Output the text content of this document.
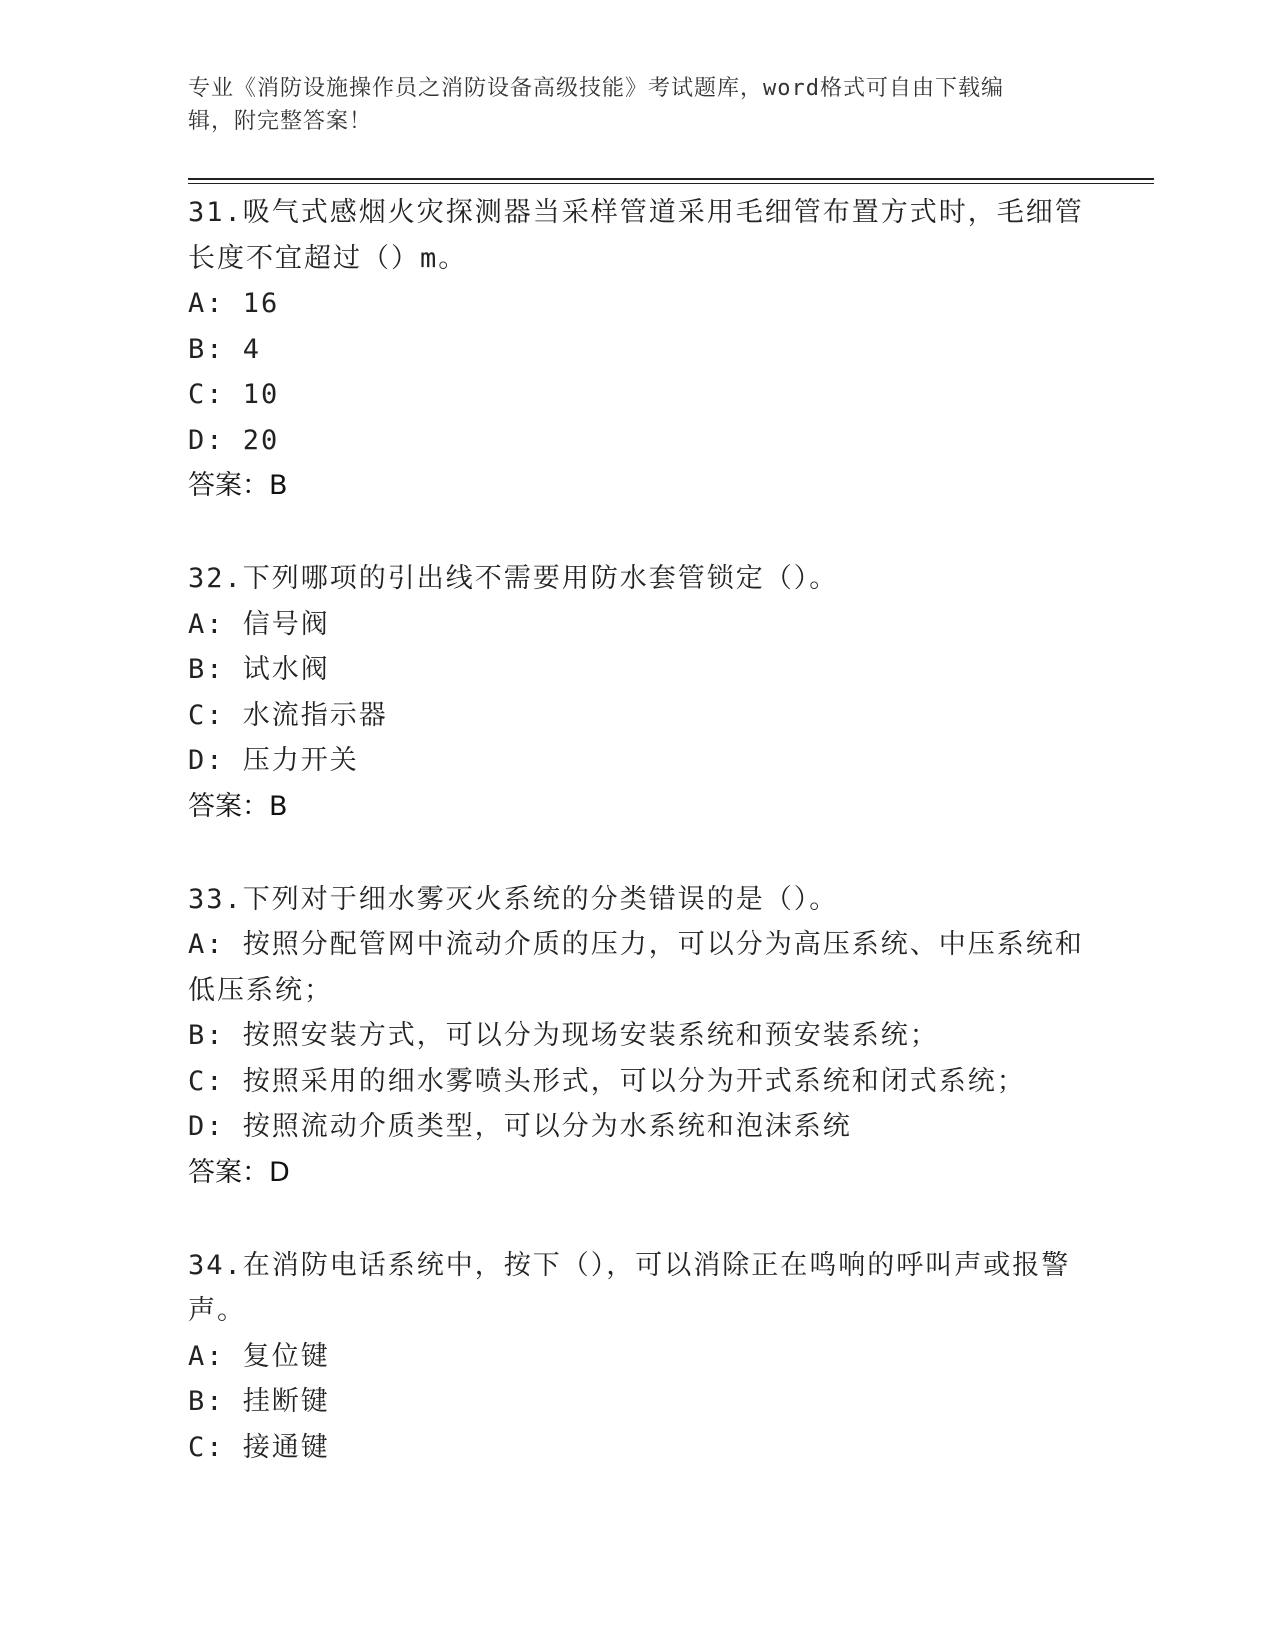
专业《消防设施操作员之消防设备高级技能》考试题库，word格式可自由下载编
辑，附完整答案！

31.吸气式感烟火灾探测器当采样管道采用毛细管布置方式时，毛细管

长度不宜超过（）m。

A: 16

B: 4

C: 10

D: 20

答案：B

32.下列哪项的引出线不需要用防水套管锁定（）。

A: 信号阀

B: 试水阀

C: 水流指示器

D: 压力开关

答案：B

33.下列对于细水雾灭火系统的分类错误的是（）。

A: 按照分配管网中流动介质的压力，可以分为高压系统、中压系统和

低压系统；

B: 按照安装方式，可以分为现场安装系统和预安装系统；

C: 按照采用的细水雾喷头形式，可以分为开式系统和闭式系统；

D: 按照流动介质类型，可以分为水系统和泡沫系统

答案：D

34.在消防电话系统中，按下（），可以消除正在鸣响的呼叫声或报警

声。

A: 复位键

B: 挂断键

C: 接通键
